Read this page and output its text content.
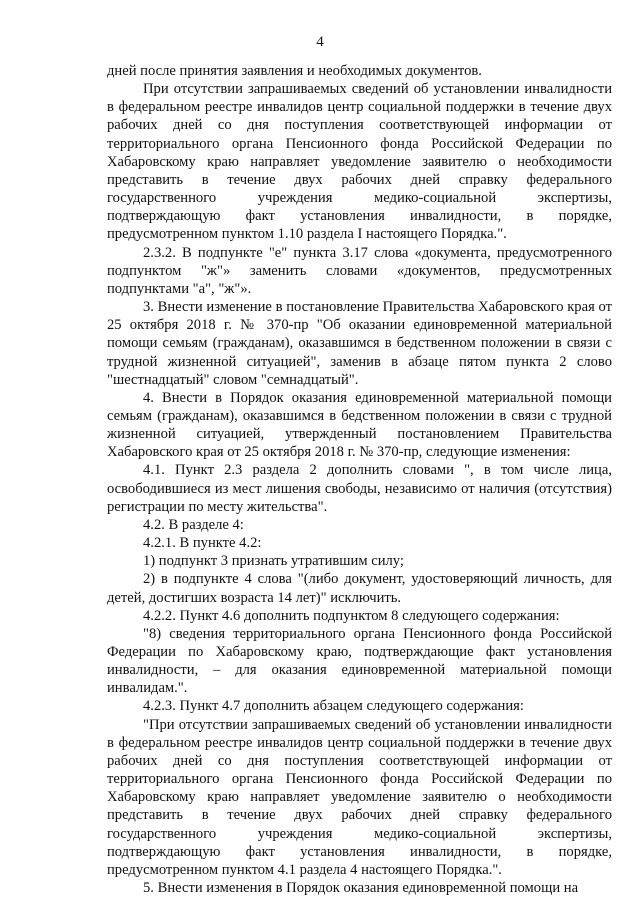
4

дней после принятия заявления и необходимых документов.

При отсутствии запрашиваемых сведений об установлении инвалидности в федеральном реестре инвалидов центр социальной поддержки в течение двух рабочих дней со дня поступления соответствующей информации от территориального органа Пенсионного фонда Российской Федерации по Хабаровскому краю направляет уведомление заявителю о необходимости представить в течение двух рабочих дней справку федерального государственного учреждения медико-социальной экспертизы, подтверждающую факт установления инвалидности, в порядке, предусмотренном пунктом 1.10 раздела I настоящего Порядка.".

2.3.2. В подпункте "е" пункта 3.17 слова «документа, предусмотренного подпунктом "ж"» заменить словами «документов, предусмотренных подпунктами "а", "ж"».

3. Внести изменение в постановление Правительства Хабаровского края от 25 октября 2018 г. № 370-пр "Об оказании единовременной материальной помощи семьям (гражданам), оказавшимся в бедственном положении в связи с трудной жизненной ситуацией", заменив в абзаце пятом пункта 2 слово "шестнадцатый" словом "семнадцатый".

4. Внести в Порядок оказания единовременной материальной помощи семьям (гражданам), оказавшимся в бедственном положении в связи с трудной жизненной ситуацией, утвержденный постановлением Правительства Хабаровского края от 25 октября 2018 г. № 370-пр, следующие изменения:

4.1. Пункт 2.3 раздела 2 дополнить словами ", в том числе лица, освободившиеся из мест лишения свободы, независимо от наличия (отсутствия) регистрации по месту жительства".

4.2. В разделе 4:

4.2.1. В пункте 4.2:

1) подпункт 3 признать утратившим силу;

2) в подпункте 4 слова "(либо документ, удостоверяющий личность, для детей, достигших возраста 14 лет)" исключить.

4.2.2. Пункт 4.6 дополнить подпунктом 8 следующего содержания:

"8) сведения территориального органа Пенсионного фонда Российской Федерации по Хабаровскому краю, подтверждающие факт установления инвалидности, – для оказания единовременной материальной помощи инвалидам.".

4.2.3. Пункт 4.7 дополнить абзацем следующего содержания:

"При отсутствии запрашиваемых сведений об установлении инвалидности в федеральном реестре инвалидов центр социальной поддержки в течение двух рабочих дней со дня поступления соответствующей информации от территориального органа Пенсионного фонда Российской Федерации по Хабаровскому краю направляет уведомление заявителю о необходимости представить в течение двух рабочих дней справку федерального государственного учреждения медико-социальной экспертизы, подтверждающую факт установления инвалидности, в порядке, предусмотренном пунктом 4.1 раздела 4 настоящего Порядка.".

5. Внести изменения в Порядок оказания единовременной помощи на
